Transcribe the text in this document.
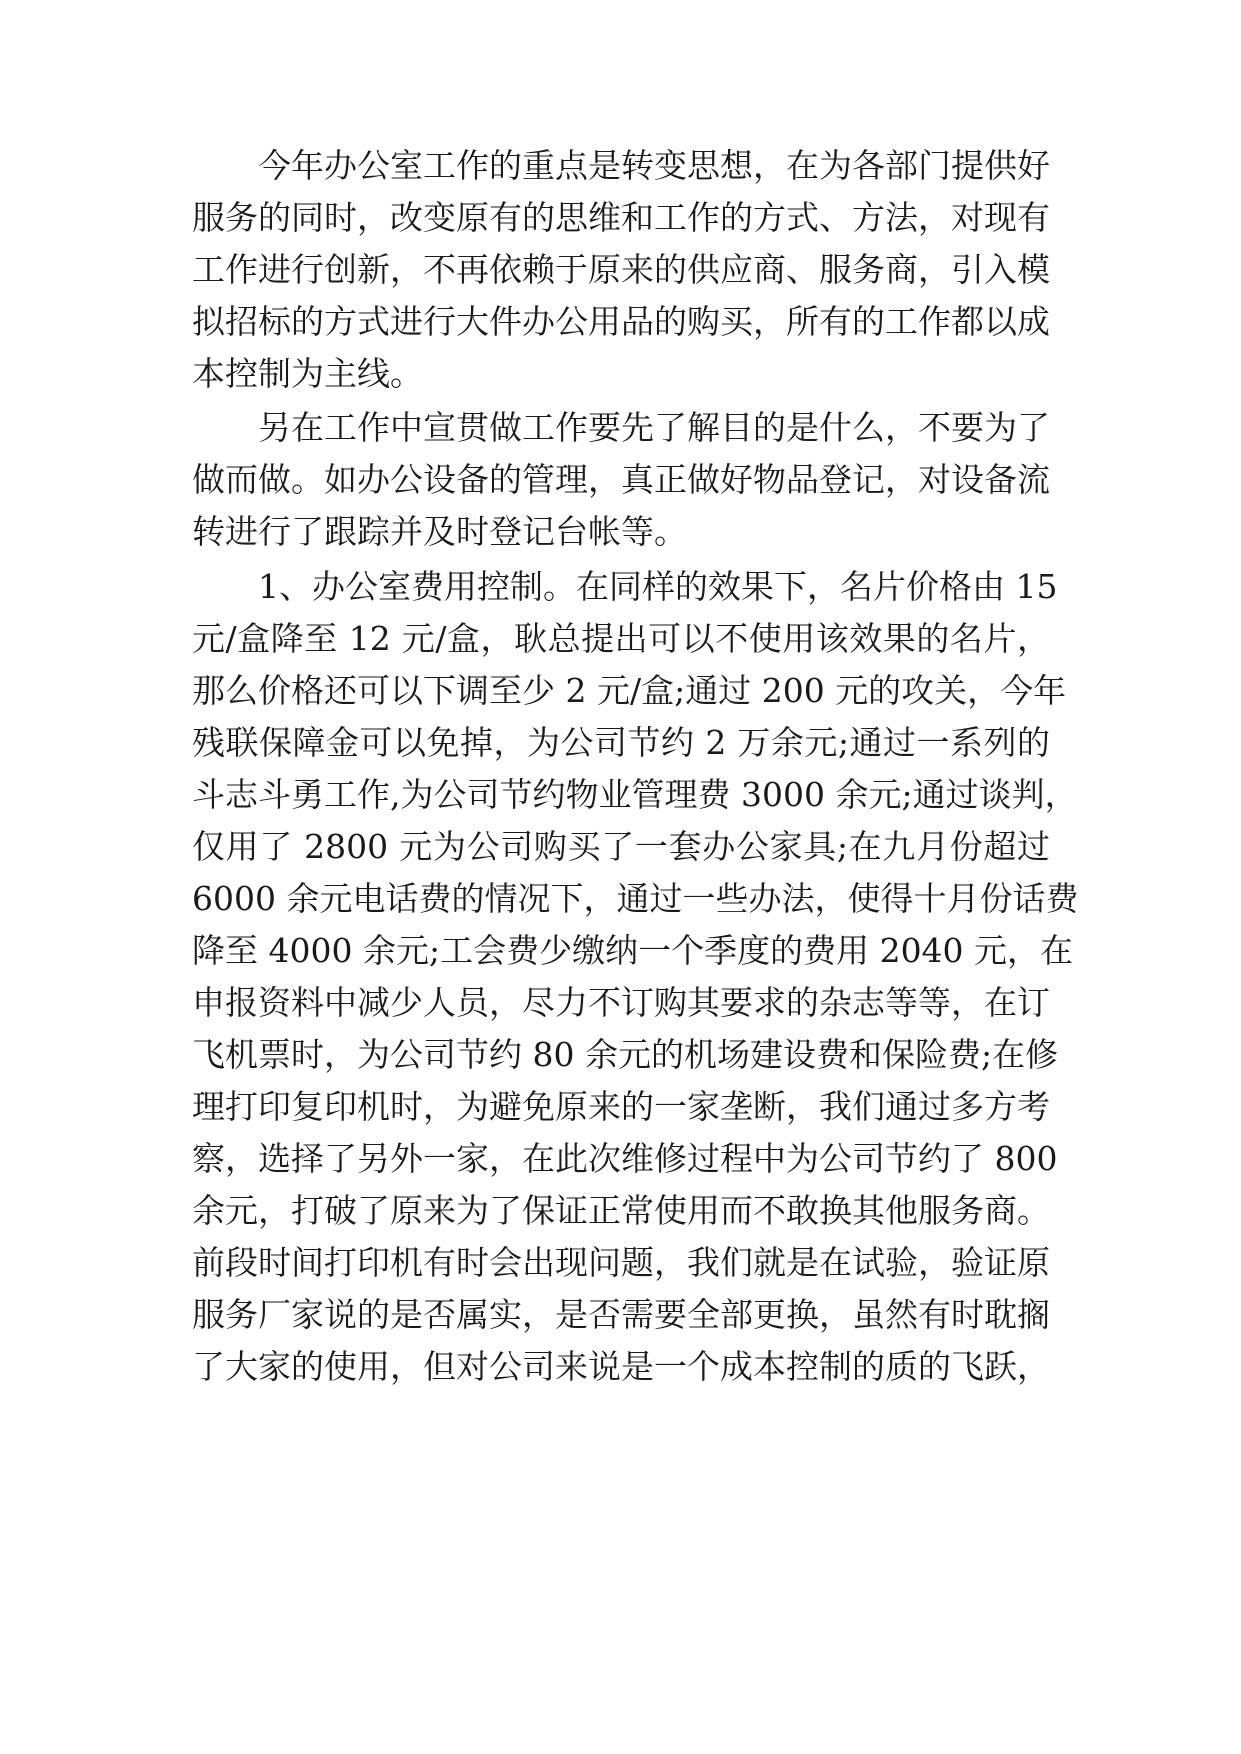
今年办公室工作的重点是转变思想，在为各部门提供好
服务的同时，改变原有的思维和工作的方式、方法，对现有
工作进行创新，不再依赖于原来的供应商、服务商，引入模
拟招标的方式进行大件办公用品的购买，所有的工作都以成
本控制为主线。
另在工作中宣贯做工作要先了解目的是什么，不要为了
做而做。如办公设备的管理，真正做好物品登记，对设备流
转进行了跟踪并及时登记台帐等。
1、办公室费用控制。在同样的效果下，名片价格由 15
元/盒降至 12 元/盒，耿总提出可以不使用该效果的名片，
那么价格还可以下调至少 2 元/盒;通过 200 元的攻关，今年
残联保障金可以免掉，为公司节约 2 万余元;通过一系列的
斗志斗勇工作,为公司节约物业管理费 3000 余元;通过谈判，
仅用了 2800 元为公司购买了一套办公家具;在九月份超过
6000 余元电话费的情况下，通过一些办法，使得十月份话费
降至 4000 余元;工会费少缴纳一个季度的费用 2040 元，在
申报资料中减少人员，尽力不订购其要求的杂志等等，在订
飞机票时，为公司节约 80 余元的机场建设费和保险费;在修
理打印复印机时，为避免原来的一家垄断，我们通过多方考
察，选择了另外一家，在此次维修过程中为公司节约了 800
余元，打破了原来为了保证正常使用而不敢换其他服务商。
前段时间打印机有时会出现问题，我们就是在试验，验证原
服务厂家说的是否属实，是否需要全部更换，虽然有时耽搁
了大家的使用，但对公司来说是一个成本控制的质的飞跃，
